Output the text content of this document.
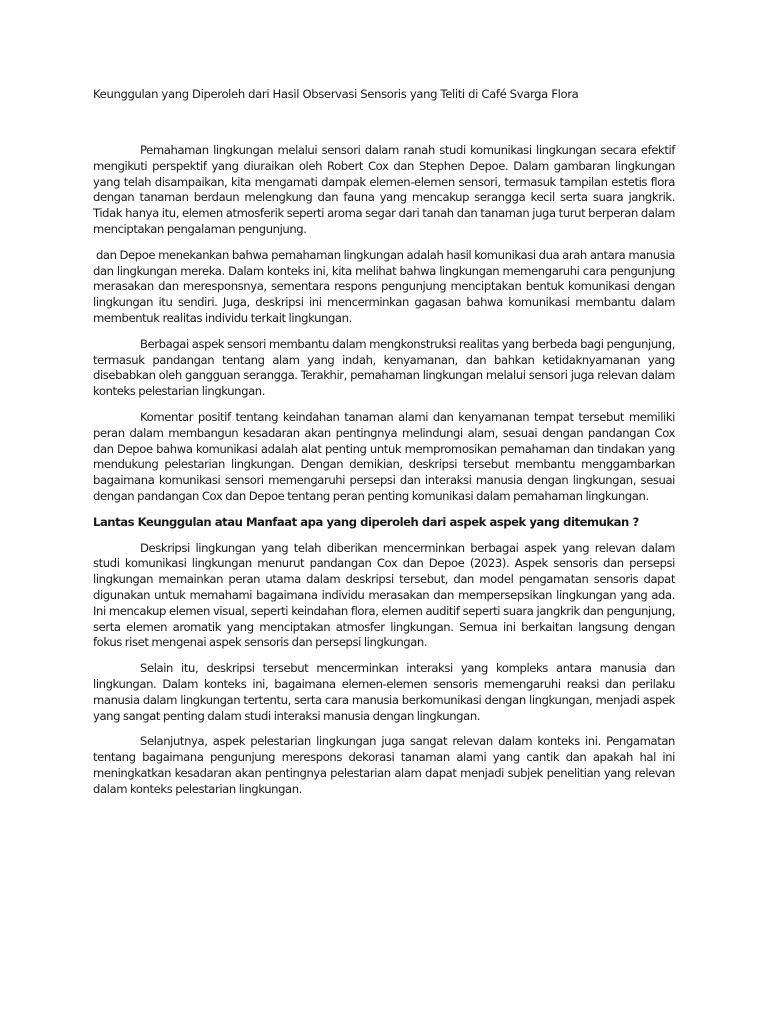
Keunggulan yang Diperoleh dari Hasil Observasi Sensoris yang Teliti di Café Svarga Flora

Pemahaman lingkungan melalui sensori dalam ranah studi komunikasi lingkungan secara efektif mengikuti perspektif yang diuraikan oleh Robert Cox dan Stephen Depoe. Dalam gambaran lingkungan yang telah disampaikan, kita mengamati dampak elemen-elemen sensori, termasuk tampilan estetis flora dengan tanaman berdaun melengkung dan fauna yang mencakup serangga kecil serta suara jangkrik. Tidak hanya itu, elemen atmosferik seperti aroma segar dari tanah dan tanaman juga turut berperan dalam menciptakan pengalaman pengunjung.

dan Depoe menekankan bahwa pemahaman lingkungan adalah hasil komunikasi dua arah antara manusia dan lingkungan mereka. Dalam konteks ini, kita melihat bahwa lingkungan memengaruhi cara pengunjung merasakan dan meresponsnya, sementara respons pengunjung menciptakan bentuk komunikasi dengan lingkungan itu sendiri. Juga, deskripsi ini mencerminkan gagasan bahwa komunikasi membantu dalam membentuk realitas individu terkait lingkungan.

Berbagai aspek sensori membantu dalam mengkonstruksi realitas yang berbeda bagi pengunjung, termasuk pandangan tentang alam yang indah, kenyamanan, dan bahkan ketidaknyamanan yang disebabkan oleh gangguan serangga. Terakhir, pemahaman lingkungan melalui sensori juga relevan dalam konteks pelestarian lingkungan.

Komentar positif tentang keindahan tanaman alami dan kenyamanan tempat tersebut memiliki peran dalam membangun kesadaran akan pentingnya melindungi alam, sesuai dengan pandangan Cox dan Depoe bahwa komunikasi adalah alat penting untuk mempromosikan pemahaman dan tindakan yang mendukung pelestarian lingkungan. Dengan demikian, deskripsi tersebut membantu menggambarkan bagaimana komunikasi sensori memengaruhi persepsi dan interaksi manusia dengan lingkungan, sesuai dengan pandangan Cox dan Depoe tentang peran penting komunikasi dalam pemahaman lingkungan.

Lantas Keunggulan atau Manfaat apa yang diperoleh dari aspek aspek yang ditemukan ?

Deskripsi lingkungan yang telah diberikan mencerminkan berbagai aspek yang relevan dalam studi komunikasi lingkungan menurut pandangan Cox dan Depoe (2023). Aspek sensoris dan persepsi lingkungan memainkan peran utama dalam deskripsi tersebut, dan model pengamatan sensoris dapat digunakan untuk memahami bagaimana individu merasakan dan mempersepsikan lingkungan yang ada. Ini mencakup elemen visual, seperti keindahan flora, elemen auditif seperti suara jangkrik dan pengunjung, serta elemen aromatik yang menciptakan atmosfer lingkungan. Semua ini berkaitan langsung dengan fokus riset mengenai aspek sensoris dan persepsi lingkungan.

Selain itu, deskripsi tersebut mencerminkan interaksi yang kompleks antara manusia dan lingkungan. Dalam konteks ini, bagaimana elemen-elemen sensoris memengaruhi reaksi dan perilaku manusia dalam lingkungan tertentu, serta cara manusia berkomunikasi dengan lingkungan, menjadi aspek yang sangat penting dalam studi interaksi manusia dengan lingkungan.

Selanjutnya, aspek pelestarian lingkungan juga sangat relevan dalam konteks ini. Pengamatan tentang bagaimana pengunjung merespons dekorasi tanaman alami yang cantik dan apakah hal ini meningkatkan kesadaran akan pentingnya pelestarian alam dapat menjadi subjek penelitian yang relevan dalam konteks pelestarian lingkungan.
